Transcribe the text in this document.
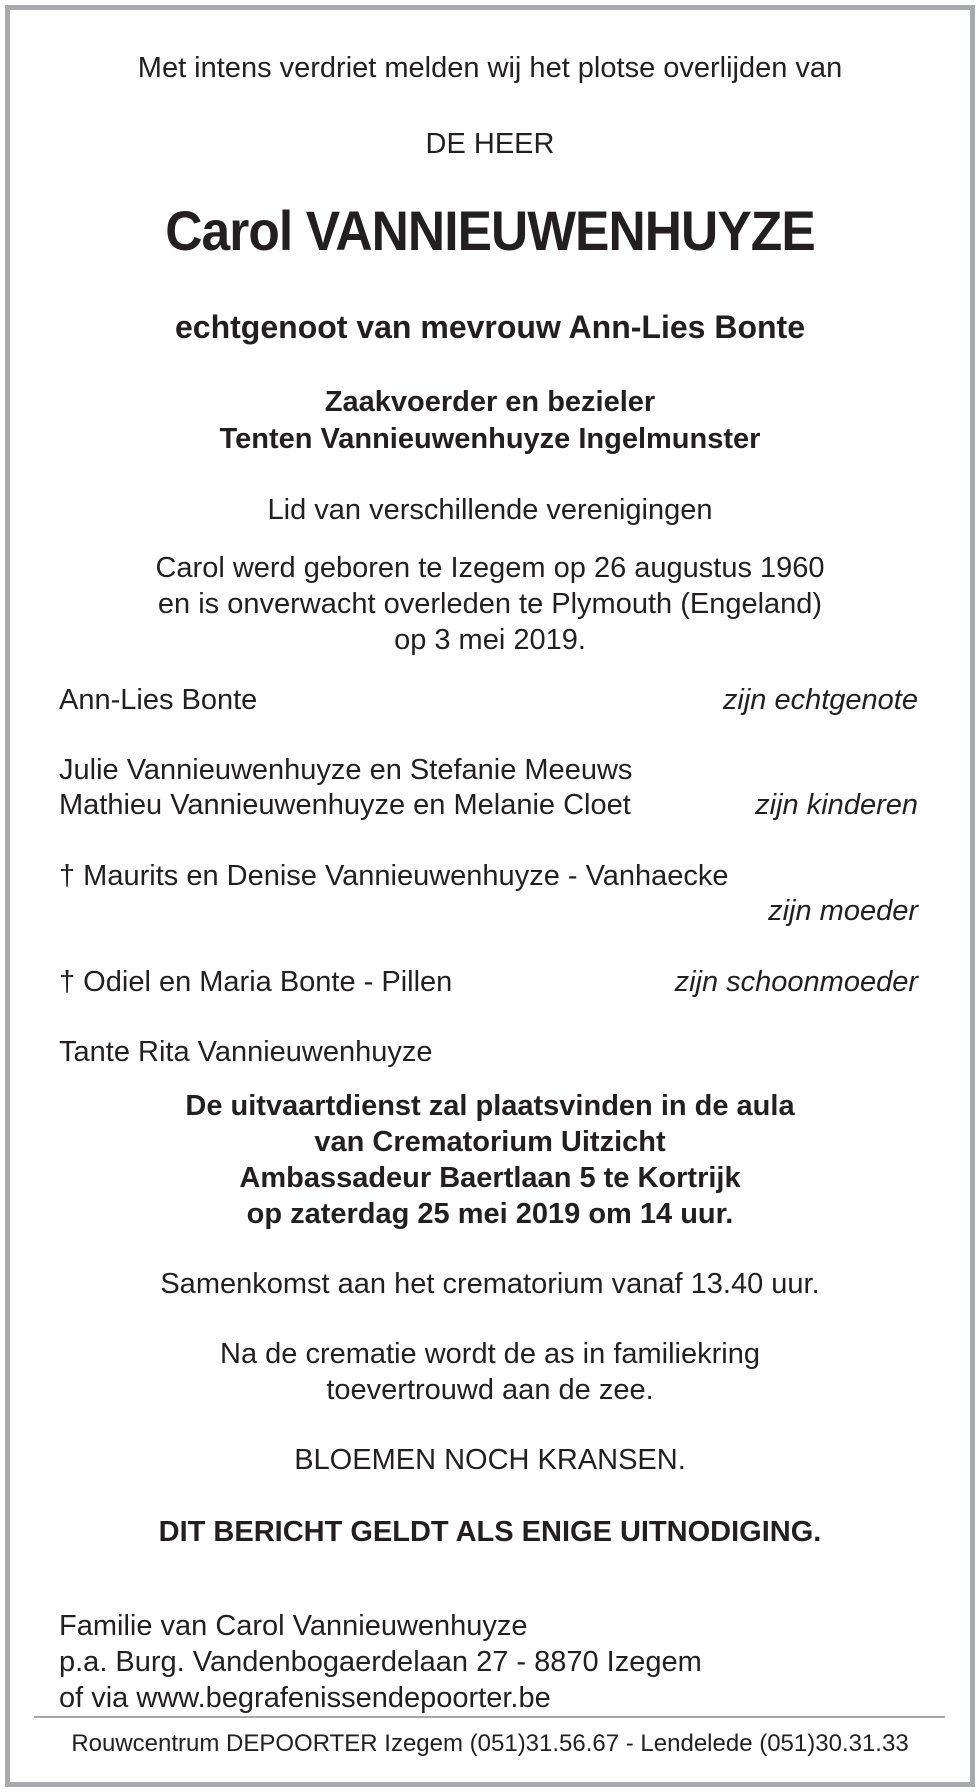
Met intens verdriet melden wij het plotse overlijden van
DE HEER
Carol VANNIEUWENHUYZE
echtgenoot van mevrouw Ann-Lies Bonte
Zaakvoerder en bezieler
Tenten Vannieuwenhuyze Ingelmunster
Lid van verschillende verenigingen
Carol werd geboren te Izegem op 26 augustus 1960
en is onverwacht overleden te Plymouth (Engeland)
op 3 mei 2019.
Ann-Lies Bonte	zijn echtgenote
Julie Vannieuwenhuyze en Stefanie Meeuws
Mathieu Vannieuwenhuyze en Melanie Cloet	zijn kinderen
† Maurits en Denise Vannieuwenhuyze - Vanhaecke
zijn moeder
† Odiel en Maria Bonte - Pillen	zijn schoonmoeder
Tante Rita Vannieuwenhuyze
De uitvaartdienst zal plaatsvinden in de aula
van Crematorium Uitzicht
Ambassadeur Baertlaan 5 te Kortrijk
op zaterdag 25 mei 2019 om 14 uur.
Samenkomst aan het crematorium vanaf 13.40 uur.
Na de crematie wordt de as in familiekring
toevertrouwd aan de zee.
BLOEMEN NOCH KRANSEN.
DIT BERICHT GELDT ALS ENIGE UITNODIGING.
Familie van Carol Vannieuwenhuyze
p.a. Burg. Vandenbogaerdelaan 27 - 8870 Izegem
of via www.begrafenissendepoorter.be
Rouwcentrum DEPOORTER Izegem (051)31.56.67 - Lendelede (051)30.31.33
